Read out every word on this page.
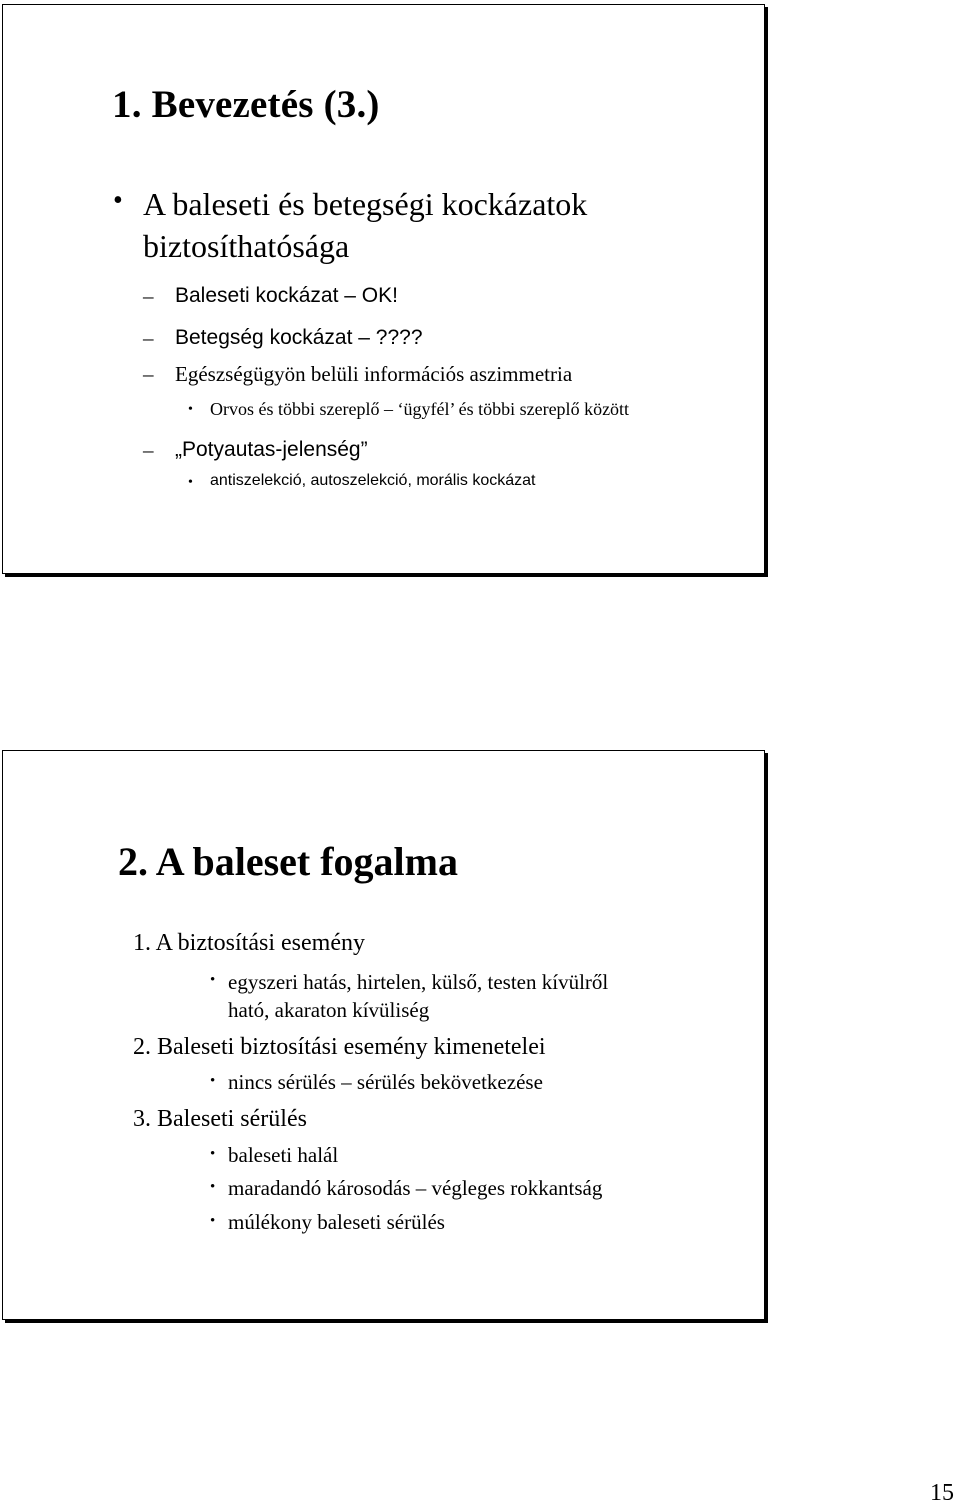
1. Bevezetés (3.)
• A baleseti és betegségi kockázatok
biztosíthatósága
Baleseti kockázat – OK!
–
Betegség kockázat – ????
–
Egészségügyön belüli információs aszimmetria
–
• Orvos és többi szereplő – ‘ügyfél’ és többi szereplő között
– „Potyautas-jelenség”
• antiszelekció, autoszelekció, morális kockázat
2. A baleset fogalma
1. A biztosítási esemény
• egyszeri hatás, hirtelen, külső, testen kívülről
ható, akaraton kívüliség
2. Baleseti biztosítási esemény kimenetelei
• nincs sérülés – sérülés bekövetkezése
3. Baleseti sérülés
• baleseti halál
• maradandó károsodás – végleges rokkantság
• múlékony baleseti sérülés
15
